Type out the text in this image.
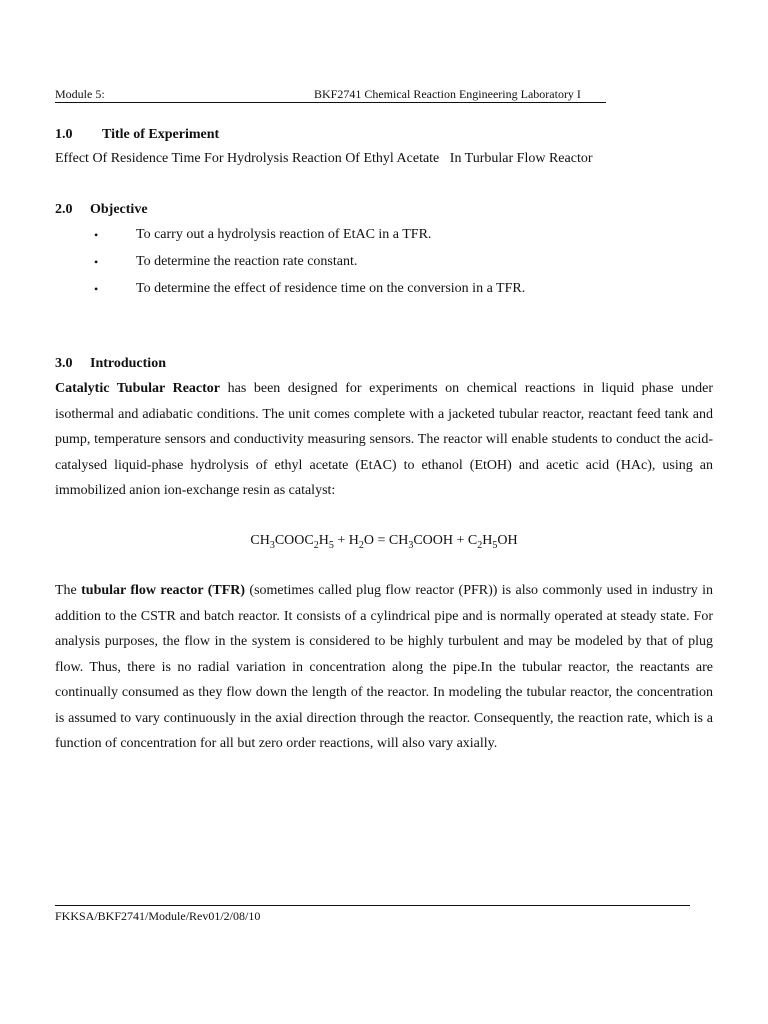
Module 5:	BKF2741 Chemical Reaction Engineering Laboratory I
1.0 Title of Experiment
Effect Of Residence Time For Hydrolysis Reaction Of Ethyl Acetate   In Turbular Flow Reactor
2.0 Objective
•	To carry out a hydrolysis reaction of EtAC in a TFR.
•	To determine the reaction rate constant.
•	To determine the effect of residence time on the conversion in a TFR.
3.0 Introduction

Catalytic Tubular Reactor has been designed for experiments on chemical reactions in liquid phase under isothermal and adiabatic conditions. The unit comes complete with a jacketed tubular reactor, reactant feed tank and pump, temperature sensors and conductivity measuring sensors. The reactor will enable students to conduct the acid-catalysed liquid-phase hydrolysis of ethyl acetate (EtAC) to ethanol (EtOH) and acetic acid (HAc), using an immobilized anion ion-exchange resin as catalyst:

$CH_3COOC_2H_5 + H_2O$ = $CH_3COOH + C_2H_5OH$

The tubular flow reactor (TFR) (sometimes called plug flow reactor (PFR)) is also commonly used in industry in addition to the CSTR and batch reactor. It consists of a cylindrical pipe and is normally operated at steady state. For analysis purposes, the flow in the system is considered to be highly turbulent and may be modeled by that of plug flow. Thus, there is no radial variation in concentration along the pipe.In the tubular reactor, the reactants are continually consumed as they flow down the length of the reactor. In modeling the tubular reactor, the concentration is assumed to vary continuously in the axial direction through the reactor. Consequently, the reaction rate, which is a function of concentration for all but zero order reactions, will also vary axially.

FKKSA/BKF2741/Module/Rev01/2/08/10
